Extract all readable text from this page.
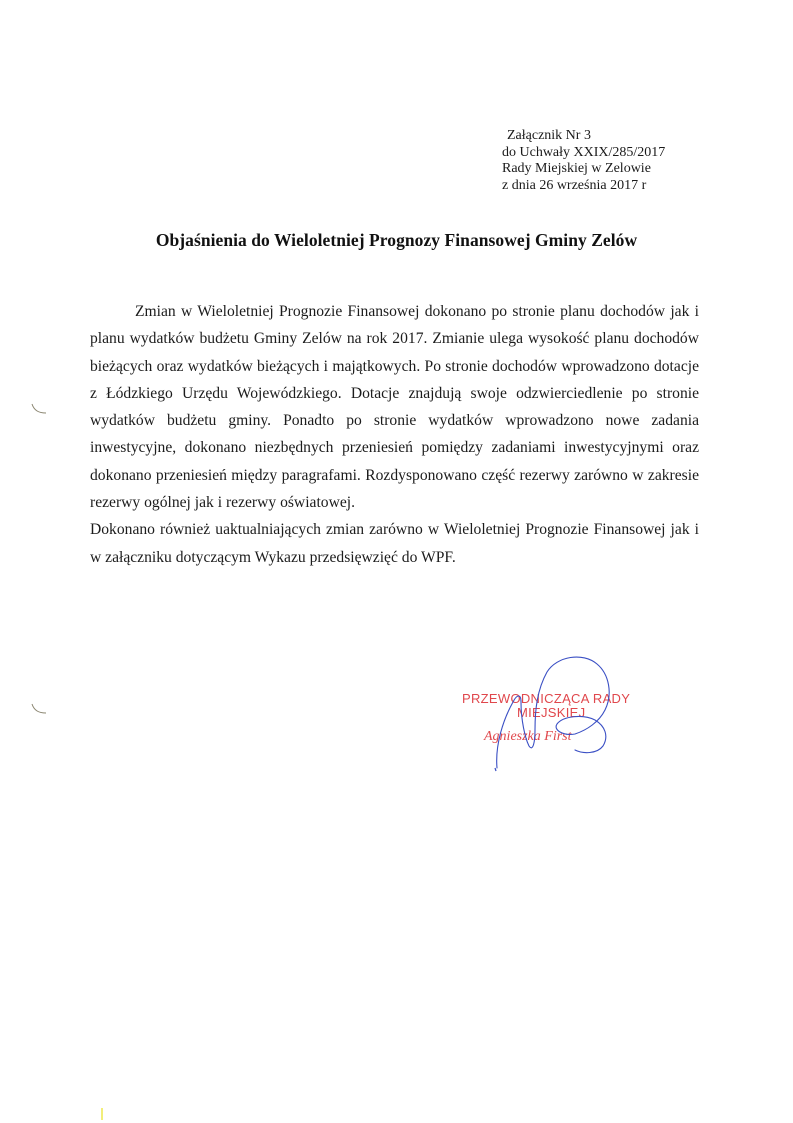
Załącznik Nr 3
do Uchwały XXIX/285/2017
Rady Miejskiej w Zelowie
z dnia 26 września 2017 r
Objaśnienia do Wieloletniej Prognozy Finansowej Gminy Zelów

Zmian w Wieloletniej Prognozie Finansowej dokonano po stronie planu dochodów jak i planu wydatków budżetu Gminy Zelów na rok 2017. Zmianie ulega wysokość planu dochodów bieżących oraz wydatków bieżących i majątkowych. Po stronie dochodów wprowadzono dotacje z Łódzkiego Urzędu Wojewódzkiego. Dotacje znajdują swoje odzwierciedlenie po stronie wydatków budżetu gminy. Ponadto po stronie wydatków wprowadzono nowe zadania inwestycyjne, dokonano niezbędnych przeniesień pomiędzy zadaniami inwestycyjnymi oraz dokonano przeniesień między paragrafami. Rozdysponowano część rezerwy zarówno w zakresie rezerwy ogólnej jak i rezerwy oświatowej.

Dokonano również uaktualniających zmian zarówno w Wieloletniej Prognozie Finansowej jak i w załączniku dotyczącym Wykazu przedsięwzięć do WPF.

PRZEWODNICZĄCA RADY
MIEJSKIEJ
Agnieszka First
